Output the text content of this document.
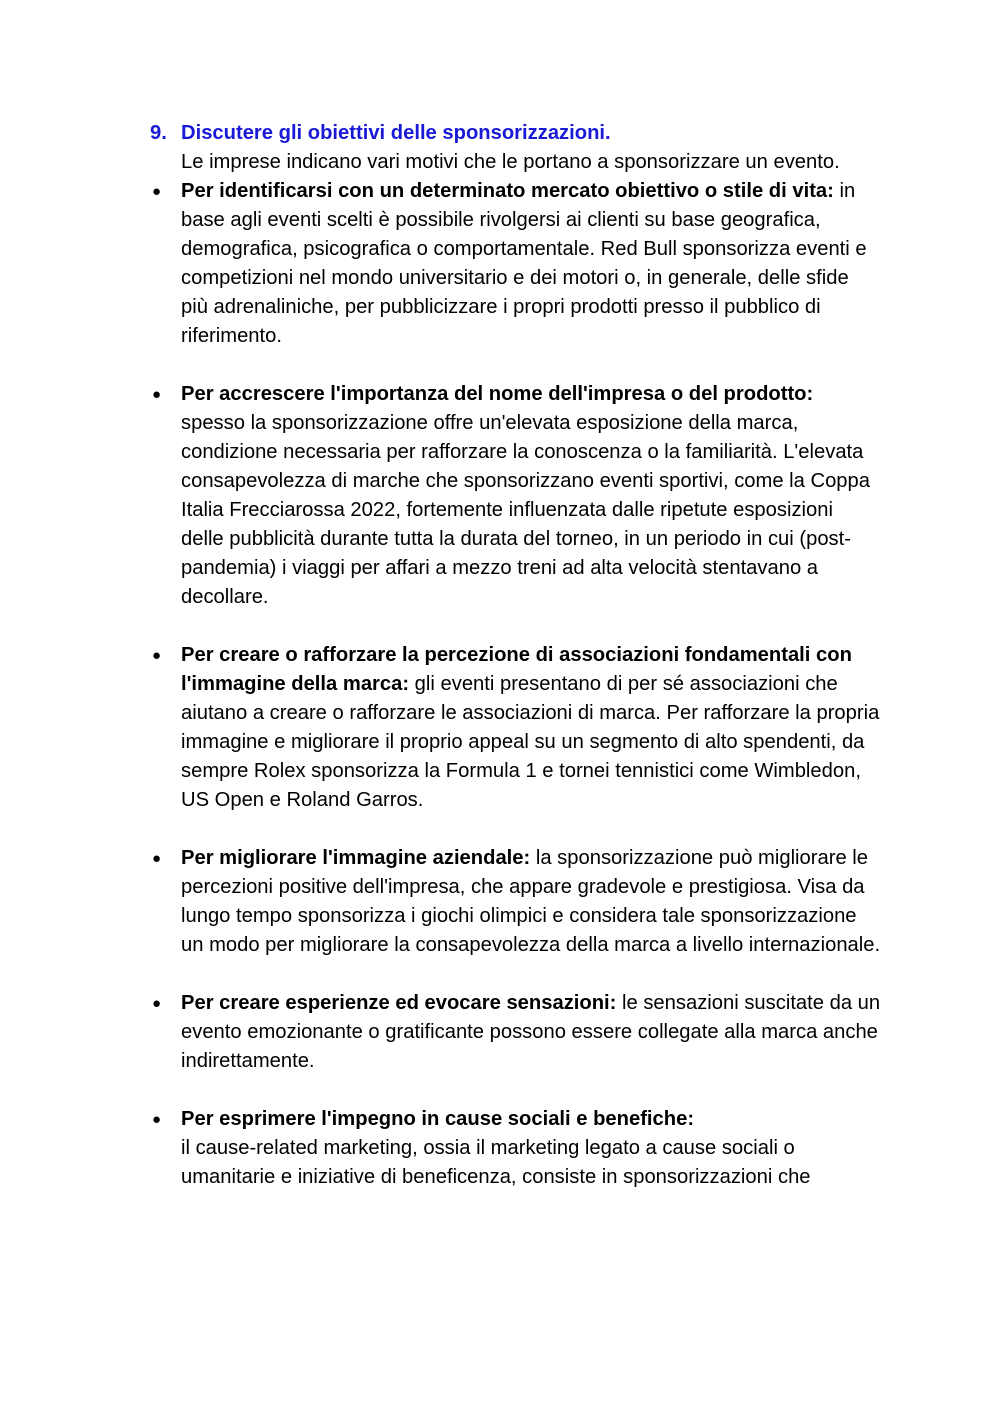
9. Discutere gli obiettivi delle sponsorizzazioni.
Le imprese indicano vari motivi che le portano a sponsorizzare un evento.
● Per identificarsi con un determinato mercato obiettivo o stile di vita: in base agli eventi scelti è possibile rivolgersi ai clienti su base geografica, demografica, psicografica o comportamentale. Red Bull sponsorizza eventi e competizioni nel mondo universitario e dei motori o, in generale, delle sfide più adrenaliniche, per pubblicizzare i propri prodotti presso il pubblico di riferimento.
● Per accrescere l'importanza del nome dell'impresa o del prodotto:
spesso la sponsorizzazione offre un'elevata esposizione della marca, condizione necessaria per rafforzare la conoscenza o la familiarità. L'elevata consapevolezza di marche che sponsorizzano eventi sportivi, come la Coppa Italia Frecciarossa 2022, fortemente influenzata dalle ripetute esposizioni delle pubblicità durante tutta la durata del torneo, in un periodo in cui (post-pandemia) i viaggi per affari a mezzo treni ad alta velocità stentavano a decollare.
● Per creare o rafforzare la percezione di associazioni fondamentali con l'immagine della marca: gli eventi presentano di per sé associazioni che aiutano a creare o rafforzare le associazioni di marca. Per rafforzare la propria immagine e migliorare il proprio appeal su un segmento di alto spendenti, da sempre Rolex sponsorizza la Formula 1 e tornei tennistici come Wimbledon, US Open e Roland Garros.
● Per migliorare l'immagine aziendale: la sponsorizzazione può migliorare le percezioni positive dell'impresa, che appare gradevole e prestigiosa. Visa da lungo tempo sponsorizza i giochi olimpici e considera tale sponsorizzazione un modo per migliorare la consapevolezza della marca a livello internazionale.
● Per creare esperienze ed evocare sensazioni: le sensazioni suscitate da un evento emozionante o gratificante possono essere collegate alla marca anche indirettamente.
● Per esprimere l'impegno in cause sociali e benefiche:
il cause-related marketing, ossia il marketing legato a cause sociali o umanitarie e iniziative di beneficenza, consiste in sponsorizzazioni che
